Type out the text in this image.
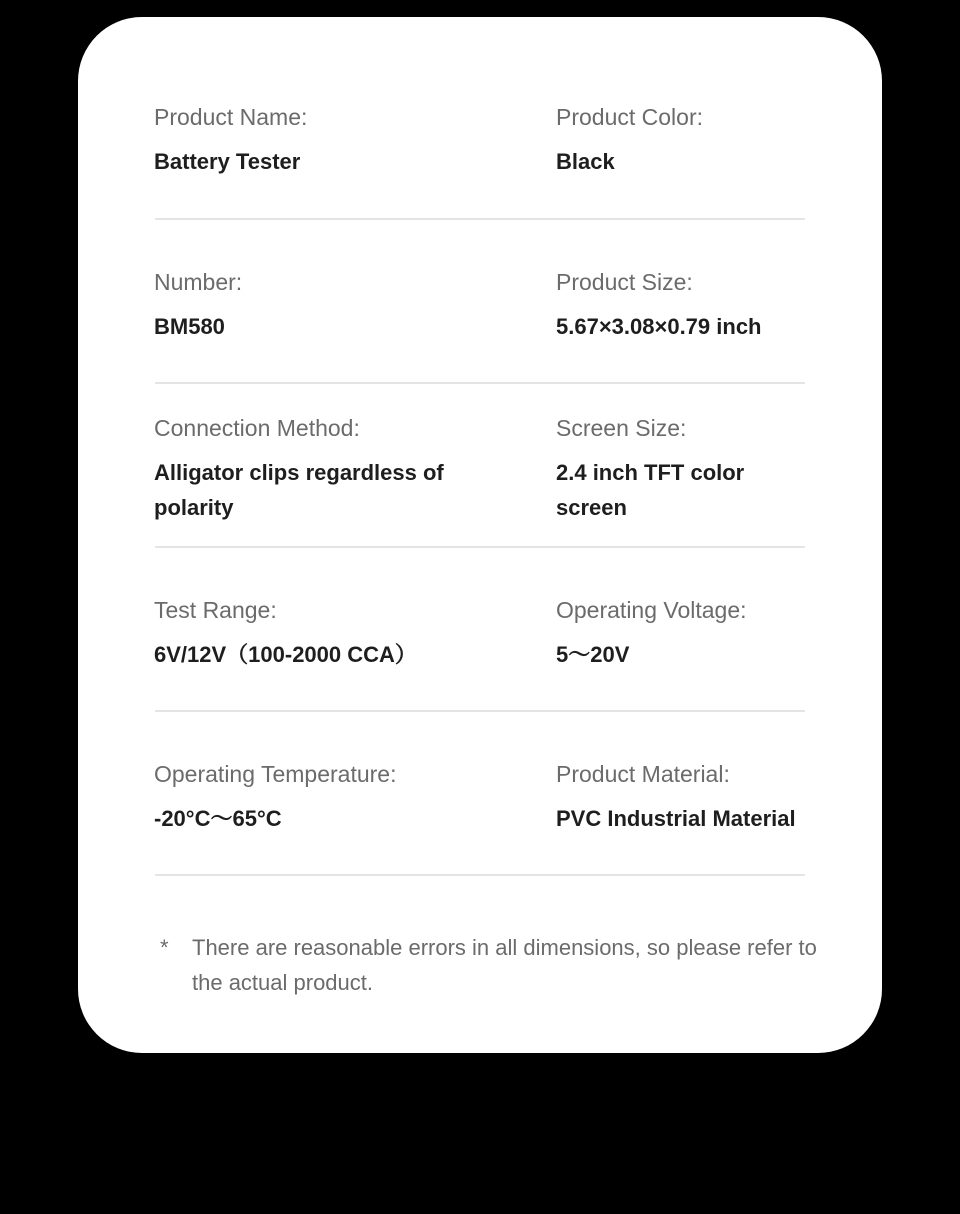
Product Name:
Battery Tester
Product Color:
Black
Number:
BM580
Product Size:
5.67×3.08×0.79 inch
Connection Method:
Alligator clips regardless of polarity
Screen Size:
2.4 inch TFT color screen
Test Range:
6V/12V（100-2000 CCA）
Operating Voltage:
5～20V
Operating Temperature:
-20°C～65°C
Product Material:
PVC Industrial Material
*	There are reasonable errors in all dimensions, so please refer to the actual product.
